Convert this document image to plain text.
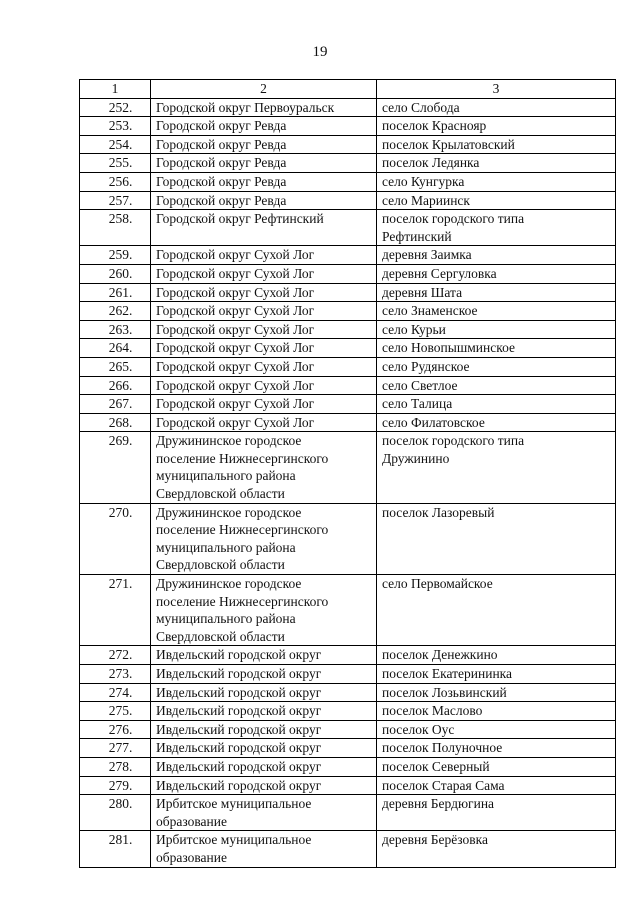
19
1	2	3
252.	Городской округ Первоуральск	село Слобода
253.	Городской округ Ревда	поселок Краснояр
254.	Городской округ Ревда	поселок Крылатовский
255.	Городской округ Ревда	поселок Ледянка
256.	Городской округ Ревда	село Кунгурка
257.	Городской округ Ревда	село Мариинск
258.	Городской округ Рефтинский	поселок городского типа
Рефтинский
259.	Городской округ Сухой Лог	деревня Заимка
260.	Городской округ Сухой Лог	деревня Сергуловка
261.	Городской округ Сухой Лог	деревня Шата
262.	Городской округ Сухой Лог	село Знаменское
263.	Городской округ Сухой Лог	село Курьи
264.	Городской округ Сухой Лог	село Новопышминское
265.	Городской округ Сухой Лог	село Рудянское
266.	Городской округ Сухой Лог	село Светлое
267.	Городской округ Сухой Лог	село Талица
268.	Городской округ Сухой Лог	село Филатовское
269.	Дружининское городское
поселение Нижнесергинского
муниципального района
Свердловской области	поселок городского типа
Дружинино
270.	Дружининское городское
поселение Нижнесергинского
муниципального района
Свердловской области	поселок Лазоревый
271.	Дружининское городское
поселение Нижнесергинского
муниципального района
Свердловской области	село Первомайское
272.	Ивдельский городской округ	поселок Денежкино
273.	Ивдельский городской округ	поселок Екатерининка
274.	Ивдельский городской округ	поселок Лозьвинский
275.	Ивдельский городской округ	поселок Маслово
276.	Ивдельский городской округ	поселок Оус
277.	Ивдельский городской округ	поселок Полуночное
278.	Ивдельский городской округ	поселок Северный
279.	Ивдельский городской округ	поселок Старая Сама
280.	Ирбитское муниципальное
образование	деревня Бердюгина
281.	Ирбитское муниципальное
образование	деревня Берёзовка
